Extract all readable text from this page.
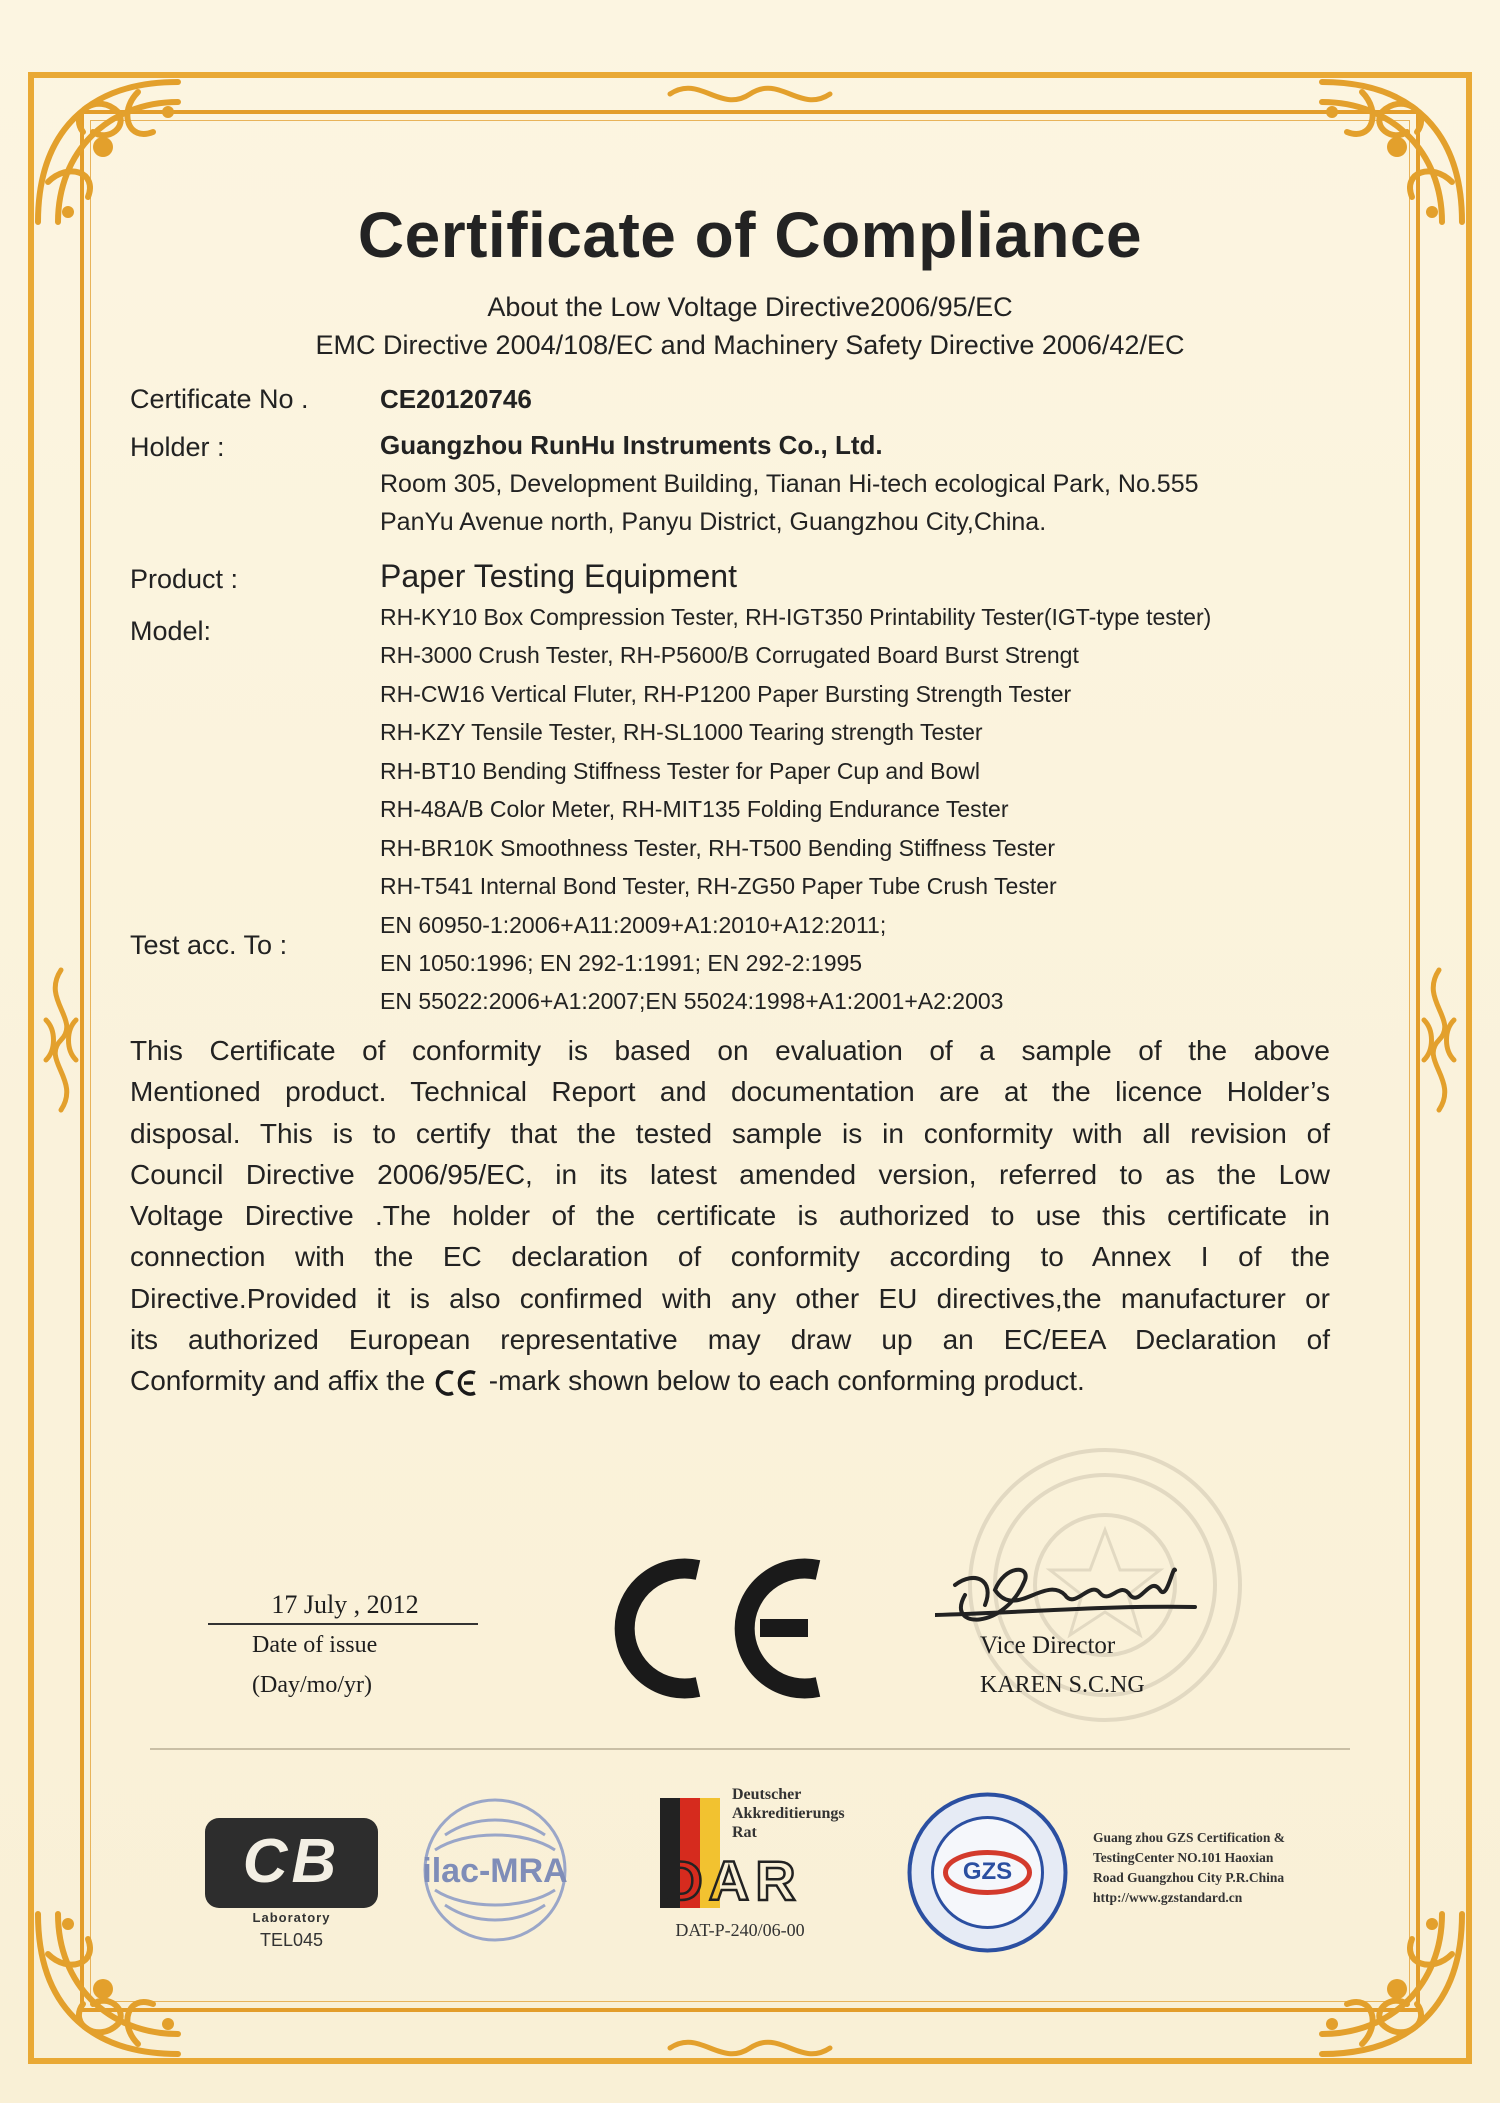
Certificate of Compliance
About the Low Voltage Directive2006/95/EC
EMC Directive 2004/108/EC and Machinery Safety Directive 2006/42/EC
Certificate No .	CE20120746
Holder :	Guangzhou RunHu Instruments Co., Ltd.
Room 305, Development Building, Tianan Hi-tech ecological Park, No.555
PanYu Avenue north, Panyu District, Guangzhou City,China.
Product :	Paper Testing Equipment
Model:	RH-KY10 Box Compression Tester, RH-IGT350 Printability Tester(IGT-type tester)
RH-3000 Crush Tester, RH-P5600/B Corrugated Board Burst Strengt
RH-CW16 Vertical Fluter, RH-P1200 Paper Bursting Strength Tester
RH-KZY Tensile Tester, RH-SL1000 Tearing strength Tester
RH-BT10 Bending Stiffness Tester for Paper Cup and Bowl
RH-48A/B Color Meter, RH-MIT135 Folding Endurance Tester
RH-BR10K Smoothness Tester, RH-T500 Bending Stiffness Tester
RH-T541 Internal Bond Tester, RH-ZG50 Paper Tube Crush Tester
Test acc. To :
EN 60950-1:2006+A11:2009+A1:2010+A12:2011;
EN 1050:1996; EN 292-1:1991; EN 292-2:1995
EN 55022:2006+A1:2007;EN 55024:1998+A1:2001+A2:2003
This Certificate of conformity is based on evaluation of a sample of the above
Mentioned product. Technical Report and documentation are at the licence Holder’s
disposal. This is to certify that the tested sample is in conformity with all revision of
Council Directive 2006/95/EC, in its latest amended version, referred to as the Low
Voltage Directive .The holder of the certificate is authorized to use this certificate in
connection with the EC declaration of conformity according to Annex I of the
Directive.Provided it is also confirmed with any other EU directives,the manufacturer or
its authorized European representative may draw up an EC/EEA Declaration of
Conformity and affix the -mark shown below to each conforming product.
17 July , 2012
Date of issue
(Day/mo/yr)
Vice Director
KAREN S.C.NG
CB
Laboratory
TEL045
ilac-MRA
Deutscher
Akkreditierungs
Rat
DAR
DAT-P-240/06-00
GZS
Guang zhou GZS Certification &
TestingCenter NO.101 Haoxian
Road Guangzhou City P.R.China
http://www.gzstandard.cn
